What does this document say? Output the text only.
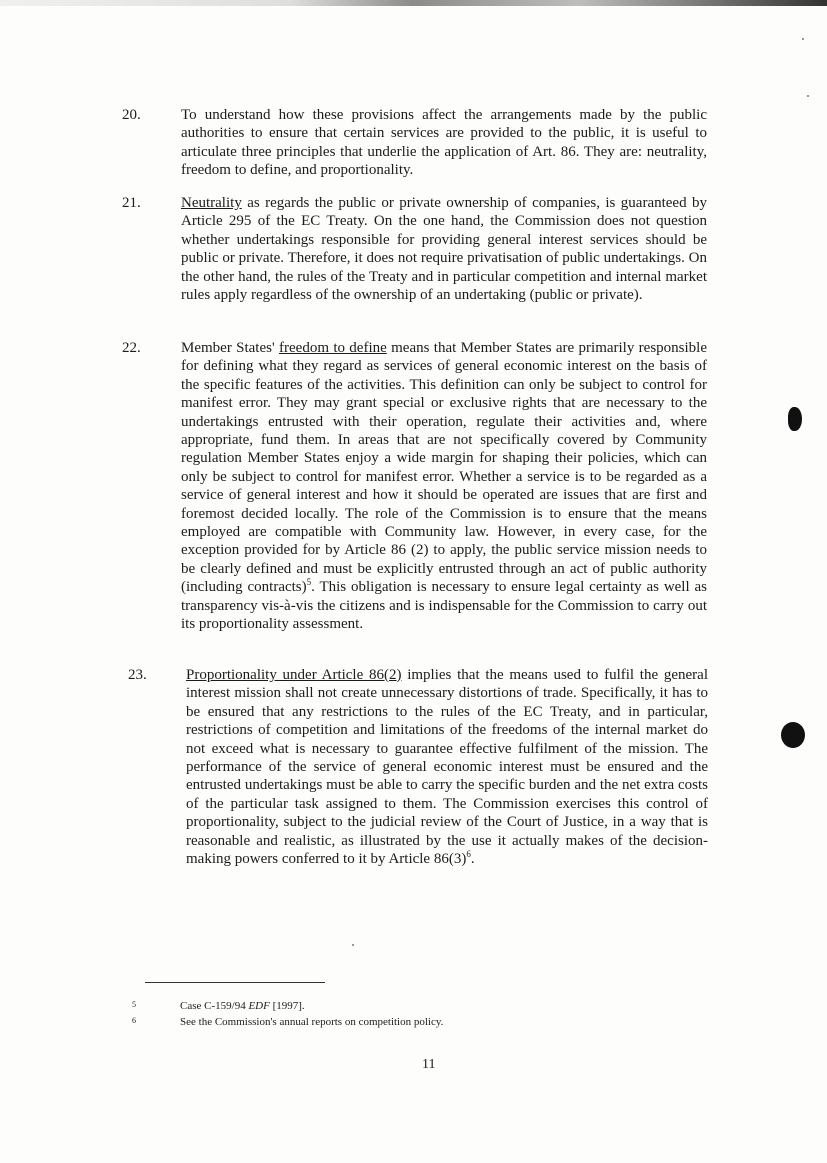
20.	To understand how these provisions affect the arrangements made by the public authorities to ensure that certain services are provided to the public, it is useful to articulate three principles that underlie the application of Art. 86. They are: neutrality, freedom to define, and proportionality.
21.	Neutrality as regards the public or private ownership of companies, is guaranteed by Article 295 of the EC Treaty. On the one hand, the Commission does not question whether undertakings responsible for providing general interest services should be public or private. Therefore, it does not require privatisation of public undertakings. On the other hand, the rules of the Treaty and in particular competition and internal market rules apply regardless of the ownership of an undertaking (public or private).
22.	Member States' freedom to define means that Member States are primarily responsible for defining what they regard as services of general economic interest on the basis of the specific features of the activities. This definition can only be subject to control for manifest error. They may grant special or exclusive rights that are necessary to the undertakings entrusted with their operation, regulate their activities and, where appropriate, fund them. In areas that are not specifically covered by Community regulation Member States enjoy a wide margin for shaping their policies, which can only be subject to control for manifest error. Whether a service is to be regarded as a service of general interest and how it should be operated are issues that are first and foremost decided locally. The role of the Commission is to ensure that the means employed are compatible with Community law. However, in every case, for the exception provided for by Article 86 (2) to apply, the public service mission needs to be clearly defined and must be explicitly entrusted through an act of public authority (including contracts)$^5$. This obligation is necessary to ensure legal certainty as well as transparency vis-à-vis the citizens and is indispensable for the Commission to carry out its proportionality assessment.
23.	Proportionality under Article 86(2) implies that the means used to fulfil the general interest mission shall not create unnecessary distortions of trade. Specifically, it has to be ensured that any restrictions to the rules of the EC Treaty, and in particular, restrictions of competition and limitations of the freedoms of the internal market do not exceed what is necessary to guarantee effective fulfilment of the mission. The performance of the service of general economic interest must be ensured and the entrusted undertakings must be able to carry the specific burden and the net extra costs of the particular task assigned to them. The Commission exercises this control of proportionality, subject to the judicial review of the Court of Justice, in a way that is reasonable and realistic, as illustrated by the use it actually makes of the decision-making powers conferred to it by Article $86(3)^6$.
5	Case C-159/94 EDF [1997].
6	See the Commission's annual reports on competition policy.
11
